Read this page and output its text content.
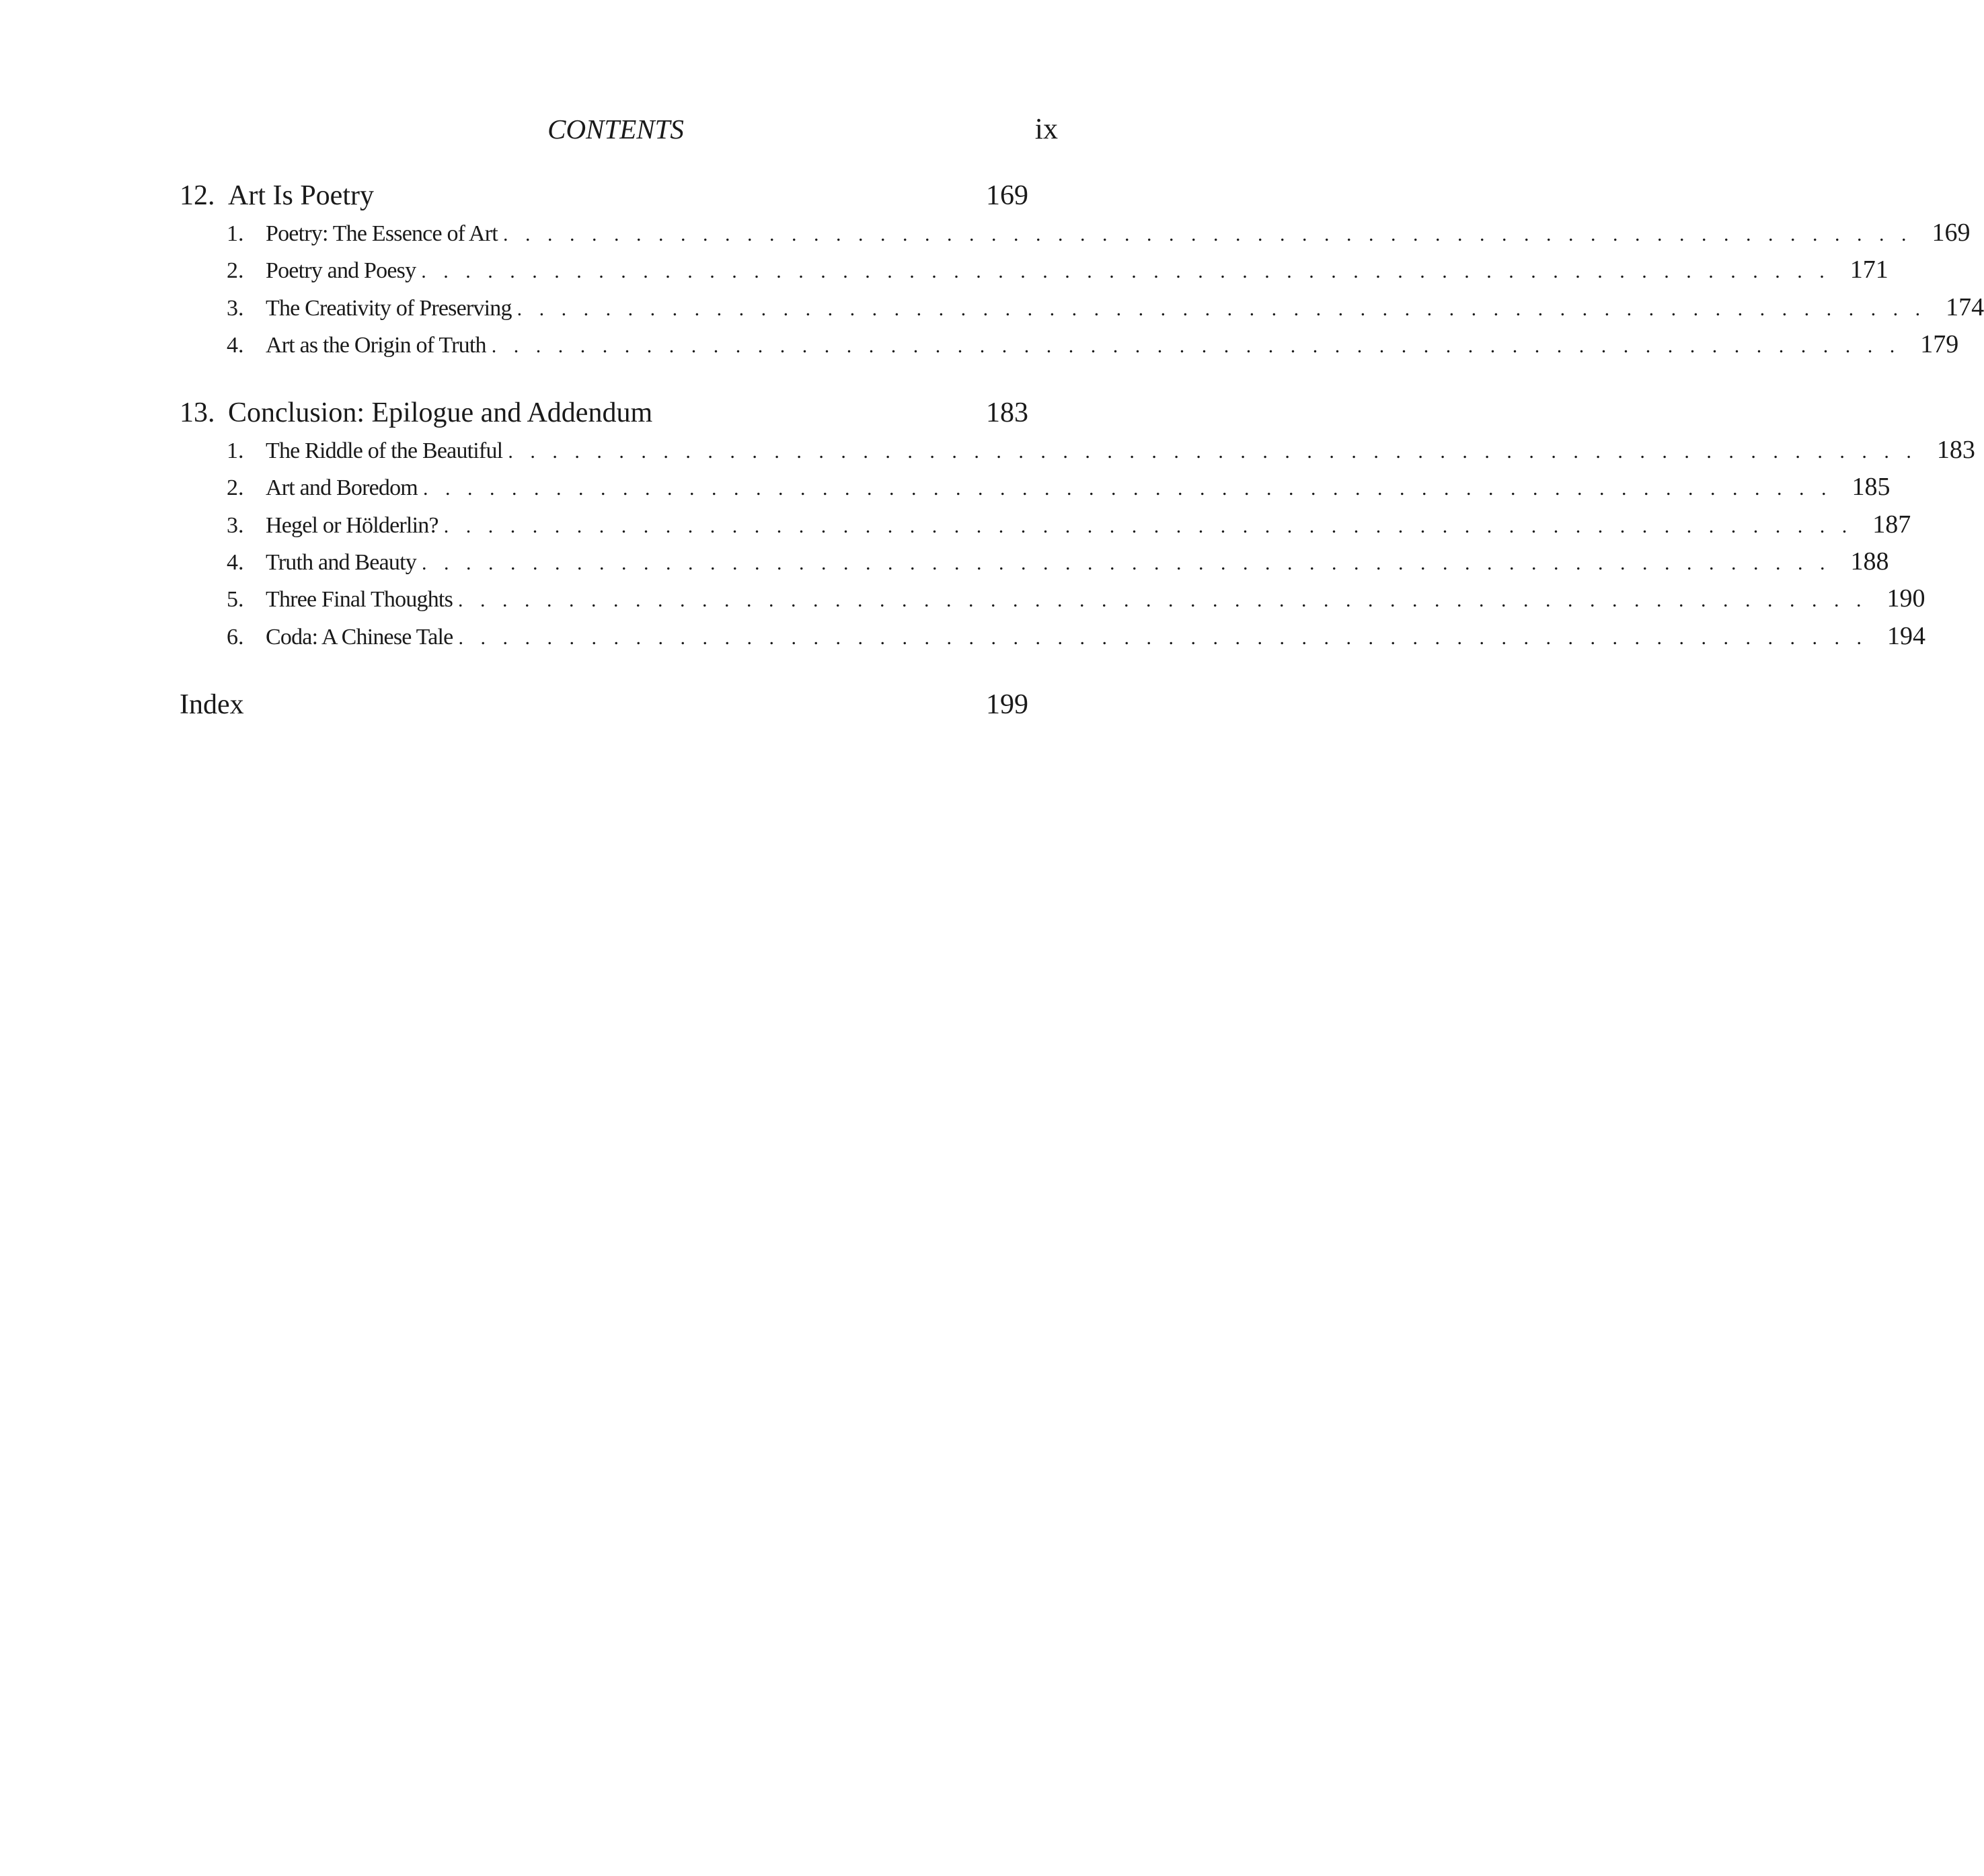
CONTENTS	ix
12. Art Is Poetry	169
1. Poetry: The Essence of Art . . . . . . . . . . . . . . . . . . . . . . . . . . . . . . . . . . . . . . . . . . . . . . . . . . . . . . . . . . . . . . . . 169
2. Poetry and Poesy . . . . . . . . . . . . . . . . . . . . . . . . . . . . . . . . . . . . . . . . . . . . . . . . . . . . . . . . . . . . . . . . 171
3. The Creativity of Preserving . . . . . . . . . . . . . . . . . . . . . . . . . . . . . . . . . . . . . . . . . . . . . . . . . . . . . . . . . . . . . . . . 174
4. Art as the Origin of Truth . . . . . . . . . . . . . . . . . . . . . . . . . . . . . . . . . . . . . . . . . . . . . . . . . . . . . . . . . . . . . . . . 179
13. Conclusion: Epilogue and Addendum	183
1. The Riddle of the Beautiful . . . . . . . . . . . . . . . . . . . . . . . . . . . . . . . . . . . . . . . . . . . . . . . . . . . . . . . . . . . . . . . . 183
2. Art and Boredom . . . . . . . . . . . . . . . . . . . . . . . . . . . . . . . . . . . . . . . . . . . . . . . . . . . . . . . . . . . . . . . . 185
3. Hegel or Hölderlin? . . . . . . . . . . . . . . . . . . . . . . . . . . . . . . . . . . . . . . . . . . . . . . . . . . . . . . . . . . . . . . . . 187
4. Truth and Beauty . . . . . . . . . . . . . . . . . . . . . . . . . . . . . . . . . . . . . . . . . . . . . . . . . . . . . . . . . . . . . . . . 188
5. Three Final Thoughts . . . . . . . . . . . . . . . . . . . . . . . . . . . . . . . . . . . . . . . . . . . . . . . . . . . . . . . . . . . . . . . . 190
6. Coda: A Chinese Tale . . . . . . . . . . . . . . . . . . . . . . . . . . . . . . . . . . . . . . . . . . . . . . . . . . . . . . . . . . . . . . . . 194
Index	199
